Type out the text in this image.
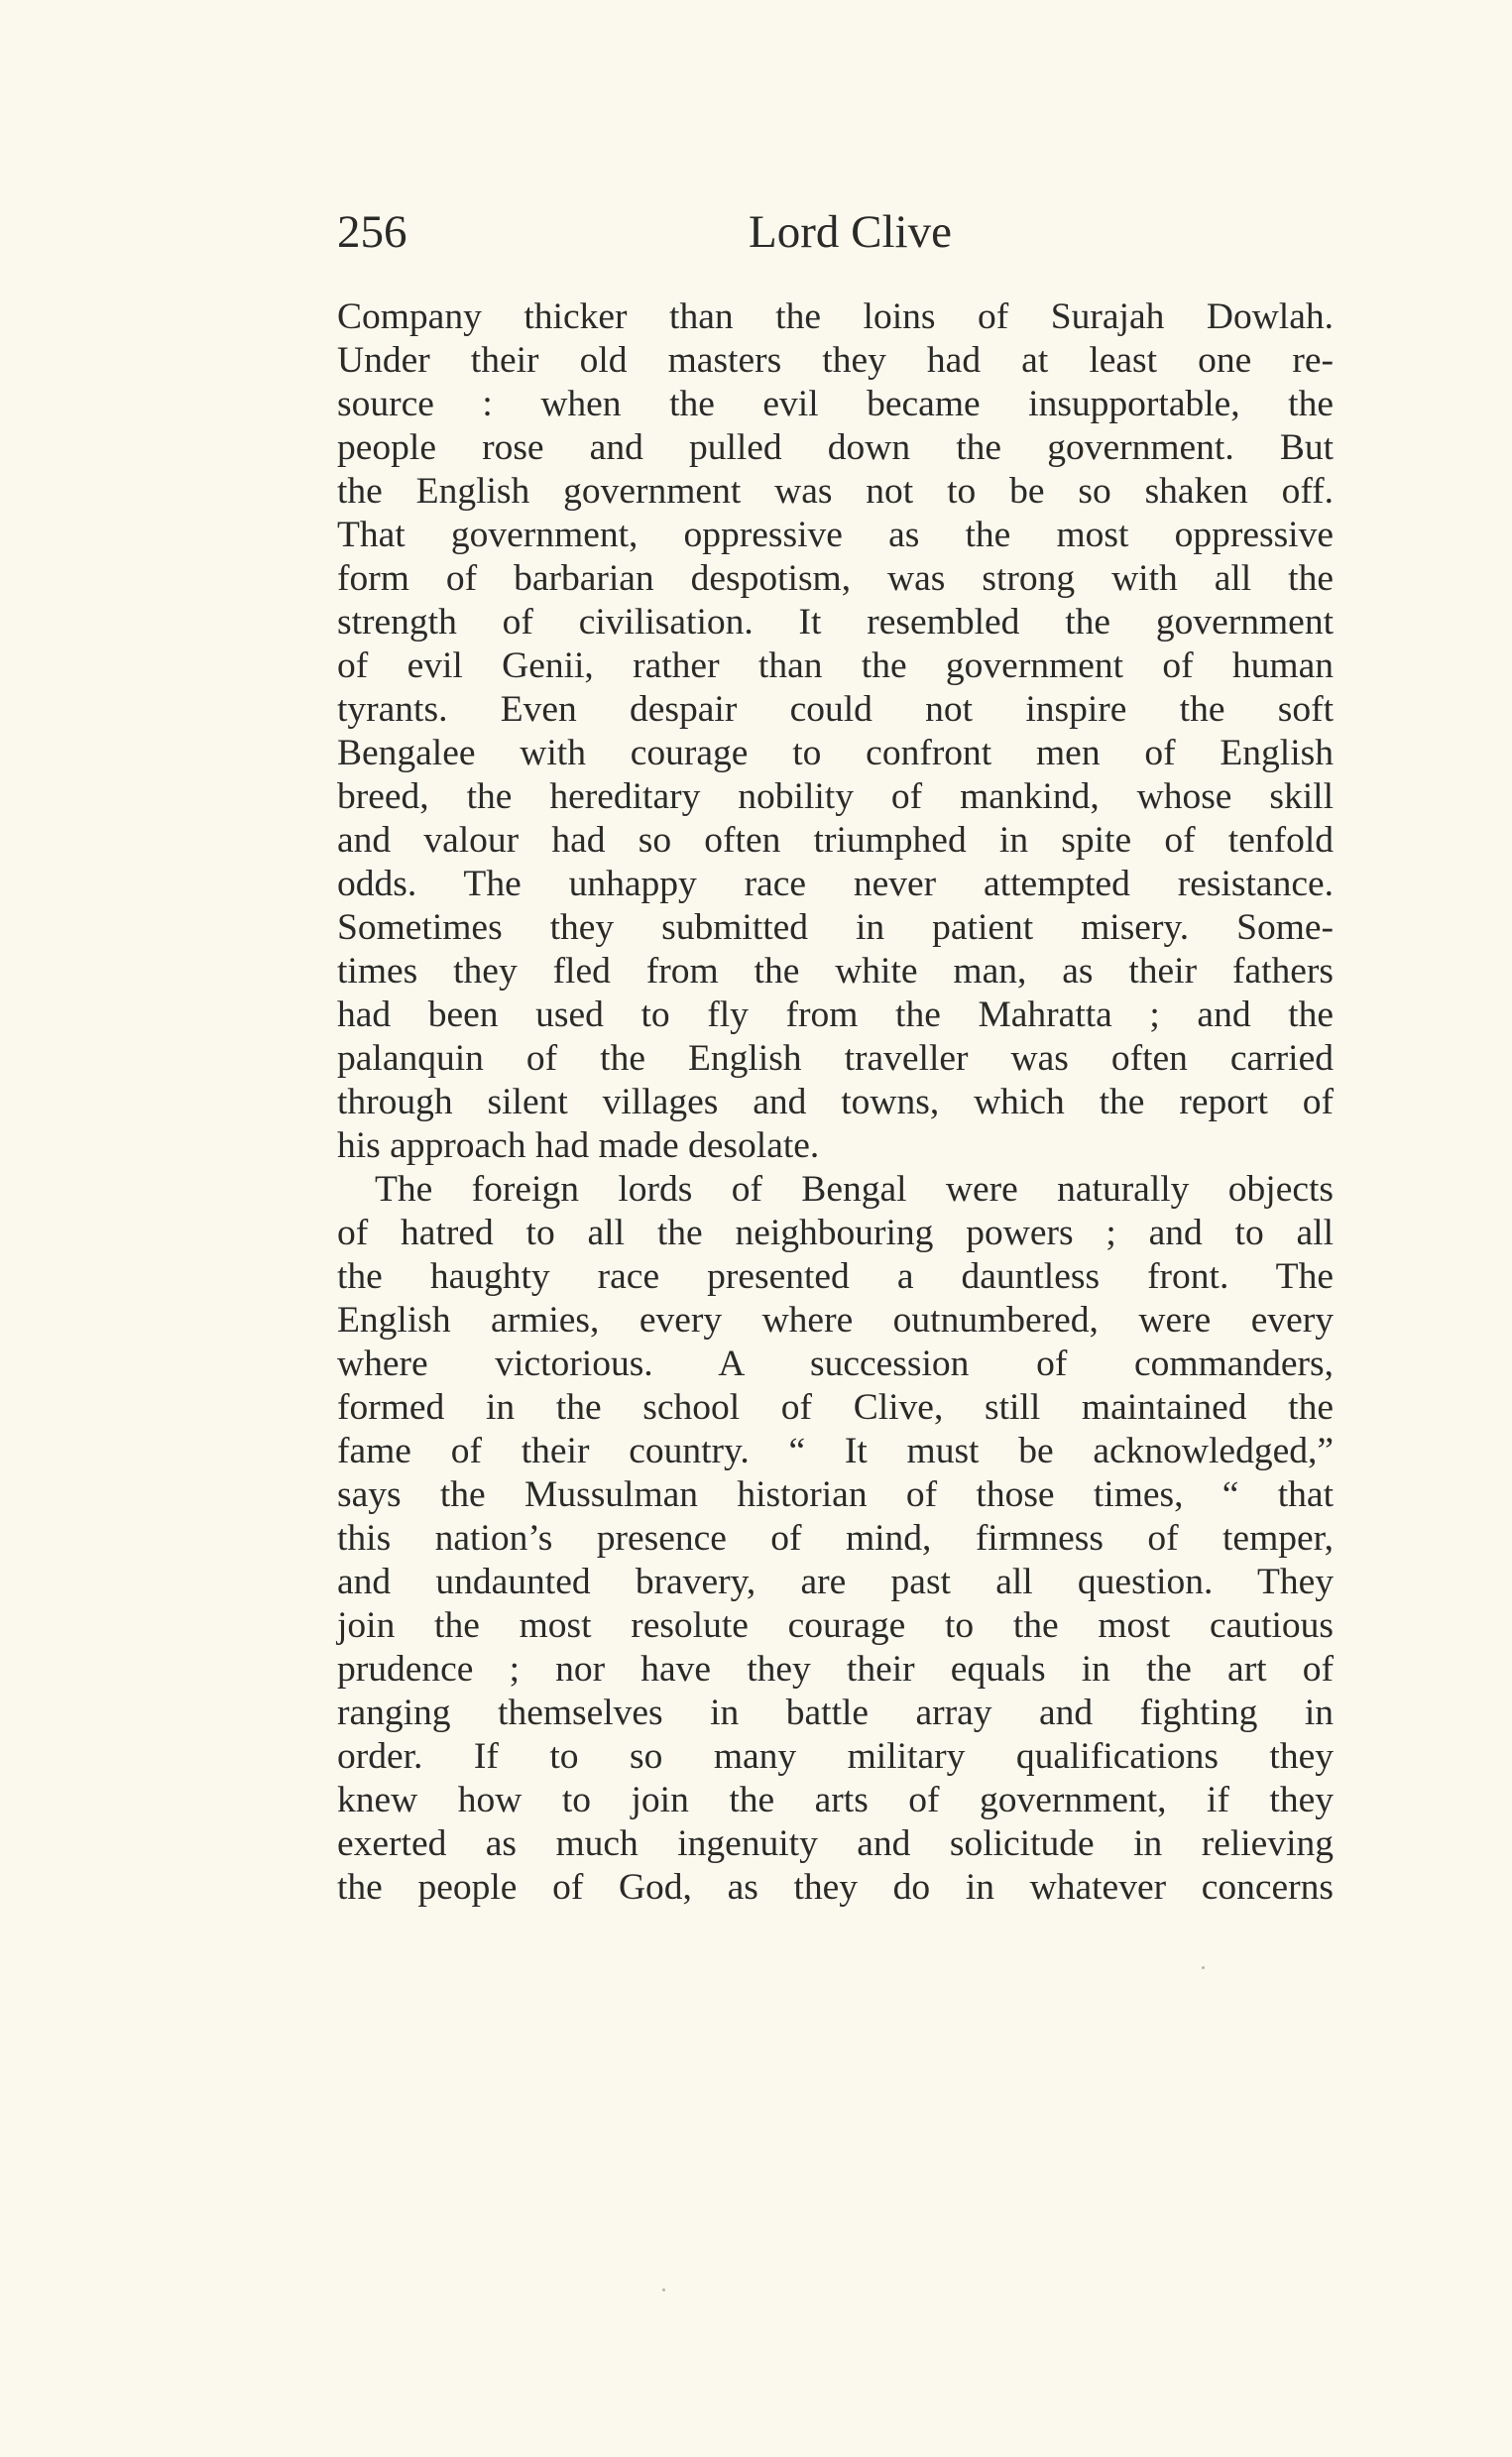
256	Lord Clive
Company thicker than the loins of Surajah Dowlah.
Under their old masters they had at least one re-
source : when the evil became insupportable, the
people rose and pulled down the government. But
the English government was not to be so shaken off.
That government, oppressive as the most oppressive
form of barbarian despotism, was strong with all the
strength of civilisation. It resembled the government
of evil Genii, rather than the government of human
tyrants. Even despair could not inspire the soft
Bengalee with courage to confront men of English
breed, the hereditary nobility of mankind, whose skill
and valour had so often triumphed in spite of tenfold
odds. The unhappy race never attempted resistance.
Sometimes they submitted in patient misery. Some-
times they fled from the white man, as their fathers
had been used to fly from the Mahratta ; and the
palanquin of the English traveller was often carried
through silent villages and towns, which the report of
his approach had made desolate.
The foreign lords of Bengal were naturally objects
of hatred to all the neighbouring powers ; and to all
the haughty race presented a dauntless front. The
English armies, every where outnumbered, were every
where victorious. A succession of commanders,
formed in the school of Clive, still maintained the
fame of their country. “ It must be acknowledged,”
says the Mussulman historian of those times, “ that
this nation’s presence of mind, firmness of temper,
and undaunted bravery, are past all question. They
join the most resolute courage to the most cautious
prudence ; nor have they their equals in the art of
ranging themselves in battle array and fighting in
order. If to so many military qualifications they
knew how to join the arts of government, if they
exerted as much ingenuity and solicitude in relieving
the people of God, as they do in whatever concerns
